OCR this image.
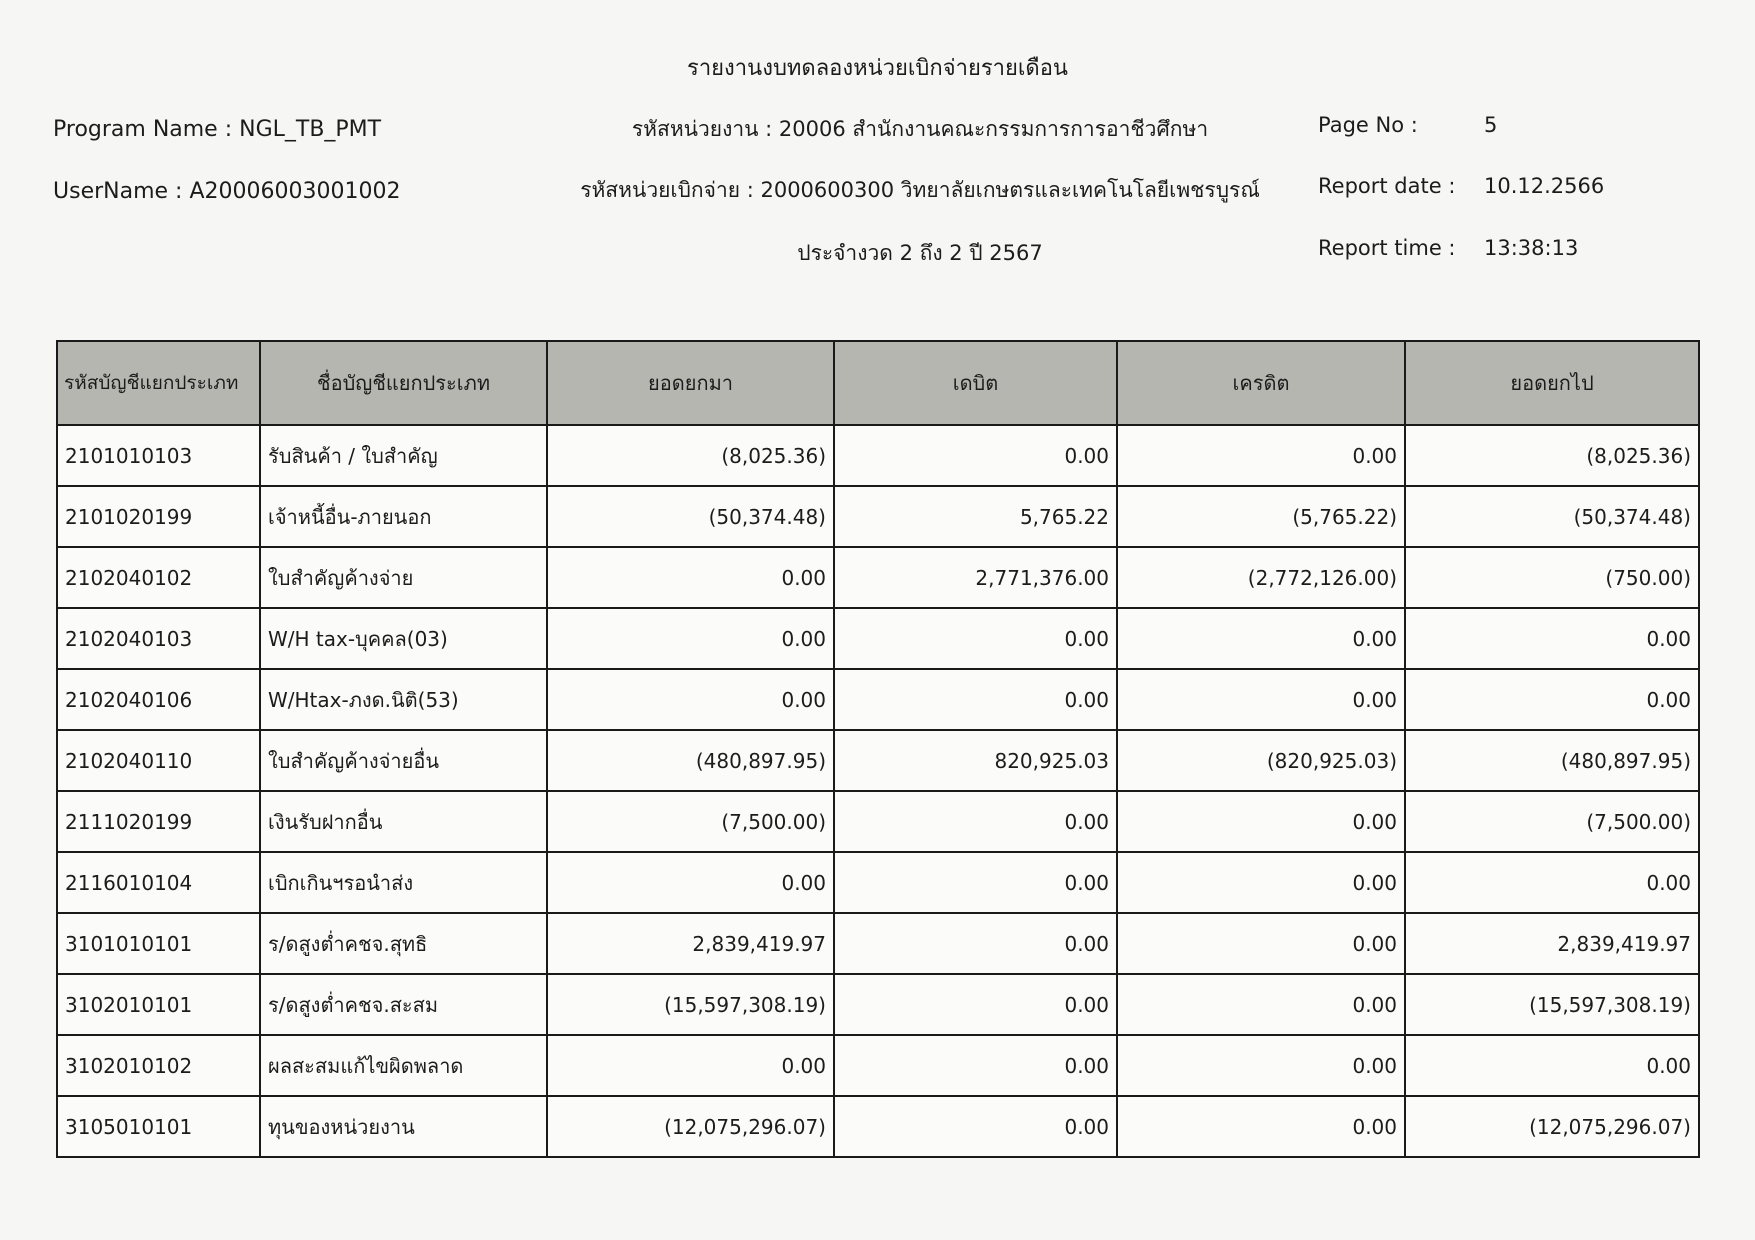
รายงานงบทดลองหน่วยเบิกจ่ายรายเดือน
Program Name : NGL_TB_PMT
UserName : A20006003001002
รหัสหน่วยงาน : 20006 สำนักงานคณะกรรมการการอาชีวศึกษา
รหัสหน่วยเบิกจ่าย : 2000600300 วิทยาลัยเกษตรและเทคโนโลยีเพชรบูรณ์
ประจำงวด 2 ถึง 2 ปี 2567
Page No :	5
Report date : 10.12.2566
Report time : 13:38:13
รหัสบัญชีแยกประเภท	ชื่อบัญชีแยกประเภท	ยอดยกมา	เดบิต	เครดิต	ยอดยกไป
2101010103	รับสินค้า / ใบสำคัญ	(8,025.36)	0.00	0.00	(8,025.36)
2101020199	เจ้าหนี้อื่น-ภายนอก	(50,374.48)	5,765.22	(5,765.22)	(50,374.48)
2102040102	ใบสำคัญค้างจ่าย	0.00	2,771,376.00	(2,772,126.00)	(750.00)
2102040103	W/H tax-บุคคล(03)	0.00	0.00	0.00	0.00
2102040106	W/Htax-ภงด.นิติ(53)	0.00	0.00	0.00	0.00
2102040110	ใบสำคัญค้างจ่ายอื่น	(480,897.95)	820,925.03	(820,925.03)	(480,897.95)
2111020199	เงินรับฝากอื่น	(7,500.00)	0.00	0.00	(7,500.00)
2116010104	เบิกเกินฯรอนำส่ง	0.00	0.00	0.00	0.00
3101010101	ร/ดสูงต่ำคชจ.สุทธิ	2,839,419.97	0.00	0.00	2,839,419.97
3102010101	ร/ดสูงต่ำคชจ.สะสม	(15,597,308.19)	0.00	0.00	(15,597,308.19)
3102010102	ผลสะสมแก้ไขผิดพลาด	0.00	0.00	0.00	0.00
3105010101	ทุนของหน่วยงาน	(12,075,296.07)	0.00	0.00	(12,075,296.07)
